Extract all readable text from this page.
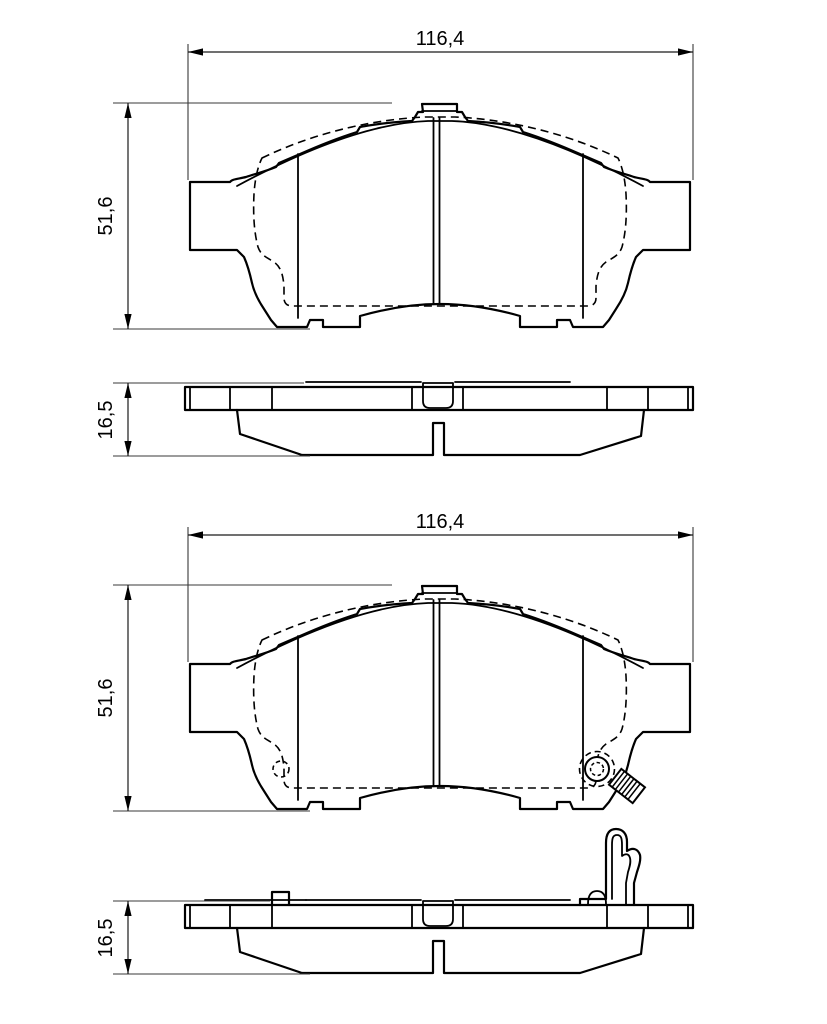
116,4
51,6
16,5
116,4
51,6
16,5
